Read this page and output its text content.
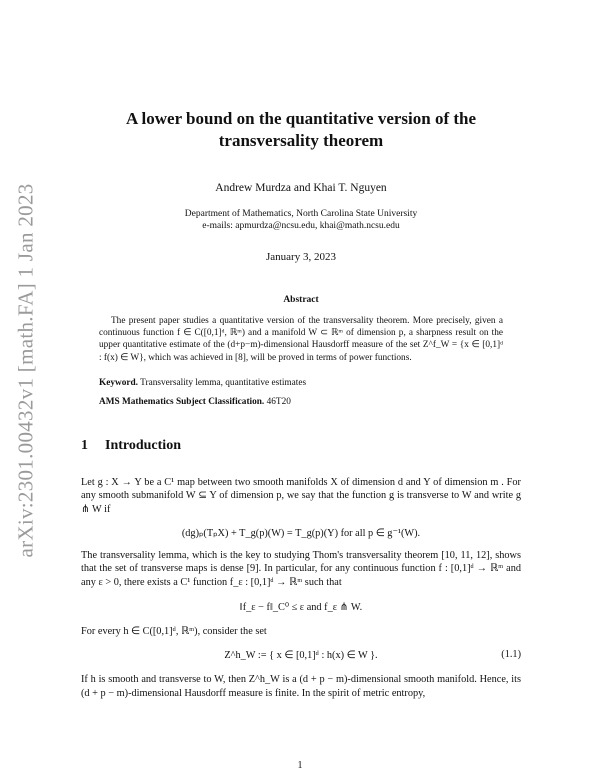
arXiv:2301.00432v1 [math.FA] 1 Jan 2023
A lower bound on the quantitative version of the
transversality theorem
Andrew Murdza and Khai T. Nguyen
Department of Mathematics, North Carolina State University
e-mails: apmurdza@ncsu.edu, khai@math.ncsu.edu
January 3, 2023
Abstract
The present paper studies a quantitative version of the transversality theorem. More precisely, given a continuous function f ∈ C([0,1]ᵈ, ℝᵐ) and a manifold W ⊂ ℝᵐ of dimension p, a sharpness result on the upper quantitative estimate of the (d+p−m)-dimensional Hausdorff measure of the set Z^f_W = {x ∈ [0,1]ᵈ : f(x) ∈ W}, which was achieved in [8], will be proved in terms of power functions.
Keyword. Transversality lemma, quantitative estimates
AMS Mathematics Subject Classification. 46T20
1 Introduction
Let g : X → Y be a C¹ map between two smooth manifolds X of dimension d and Y of dimension m . For any smooth submanifold W ⊆ Y of dimension p, we say that the function g is transverse to W and write g ⋔ W if
(dg)ₚ(TₚX) + T_g(p)(W) = T_g(p)(Y) for all p ∈ g⁻¹(W).
The transversality lemma, which is the key to studying Thom's transversality theorem [10, 11, 12], shows that the set of transverse maps is dense [9]. In particular, for any continuous function f : [0,1]ᵈ → ℝᵐ and any ε > 0, there exists a C¹ function f_ε : [0,1]ᵈ → ℝᵐ such that
‖f_ε − f‖_C⁰ ≤ ε and f_ε ⋔ W.
For every h ∈ C([0,1]ᵈ, ℝᵐ), consider the set
Z^h_W := { x ∈ [0,1]ᵈ : h(x) ∈ W }.	(1.1)
If h is smooth and transverse to W, then Z^h_W is a (d + p − m)-dimensional smooth manifold. Hence, its (d + p − m)-dimensional Hausdorff measure is finite. In the spirit of metric entropy,
1
